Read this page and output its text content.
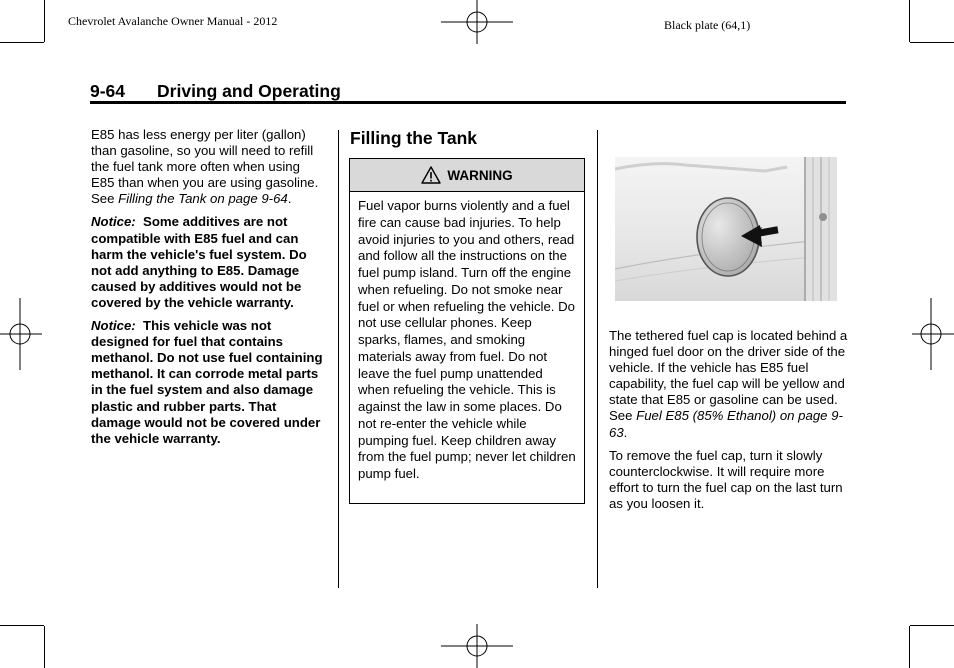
Chevrolet Avalanche Owner Manual - 2012	Black plate (64,1)
9-64 Driving and Operating

E85 has less energy per liter (gallon) than gasoline, so you will need to refill the fuel tank more often when using E85 than when you are using gasoline. See Filling the Tank on page 9-64.

Notice: Some additives are not compatible with E85 fuel and can harm the vehicle's fuel system. Do not add anything to E85. Damage caused by additives would not be covered by the vehicle warranty.

Notice: This vehicle was not designed for fuel that contains methanol. Do not use fuel containing methanol. It can corrode metal parts in the fuel system and also damage plastic and rubber parts. That damage would not be covered under the vehicle warranty.

Filling the Tank
WARNING
Fuel vapor burns violently and a fuel fire can cause bad injuries. To help avoid injuries to you and others, read and follow all the instructions on the fuel pump island. Turn off the engine when refueling. Do not smoke near fuel or when refueling the vehicle. Do not use cellular phones. Keep sparks, flames, and smoking materials away from fuel. Do not leave the fuel pump unattended when refueling the vehicle. This is against the law in some places. Do not re-enter the vehicle while pumping fuel. Keep children away from the fuel pump; never let children pump fuel.

The tethered fuel cap is located behind a hinged fuel door on the driver side of the vehicle. If the vehicle has E85 fuel capability, the fuel cap will be yellow and state that E85 or gasoline can be used. See Fuel E85 (85% Ethanol) on page 9-63.

To remove the fuel cap, turn it slowly counterclockwise. It will require more effort to turn the fuel cap on the last turn as you loosen it.
